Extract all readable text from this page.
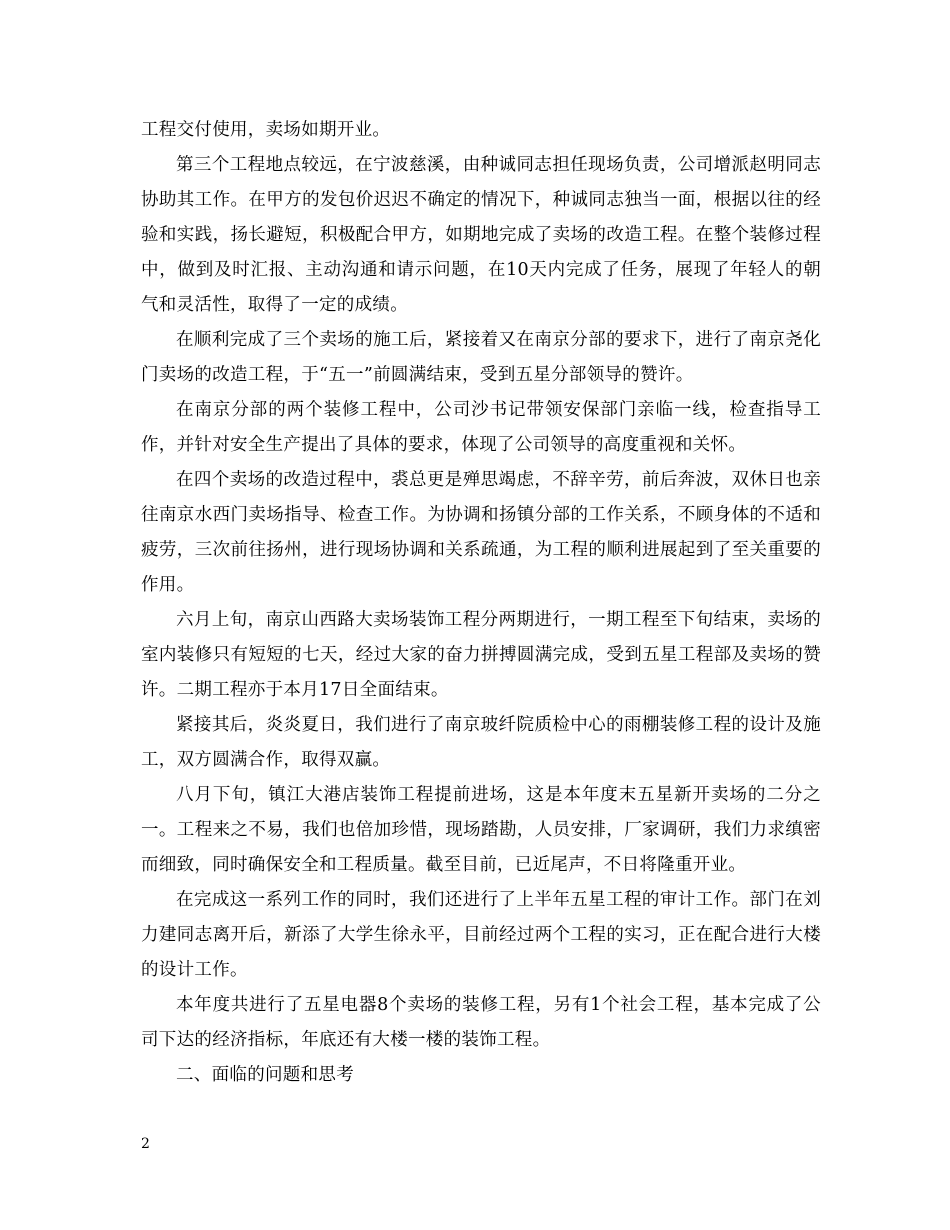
工程交付使用，卖场如期开业。

第三个工程地点较远，在宁波慈溪，由种诚同志担任现场负责，公司增派赵明同志协助其工作。在甲方的发包价迟迟不确定的情况下，种诚同志独当一面，根据以往的经验和实践，扬长避短，积极配合甲方，如期地完成了卖场的改造工程。在整个装修过程中，做到及时汇报、主动沟通和请示问题，在10天内完成了任务，展现了年轻人的朝气和灵活性，取得了一定的成绩。

在顺利完成了三个卖场的施工后，紧接着又在南京分部的要求下，进行了南京尧化门卖场的改造工程，于“五一”前圆满结束，受到五星分部领导的赞许。

在南京分部的两个装修工程中，公司沙书记带领安保部门亲临一线，检查指导工作，并针对安全生产提出了具体的要求，体现了公司领导的高度重视和关怀。

在四个卖场的改造过程中，裘总更是殚思竭虑，不辞辛劳，前后奔波，双休日也亲往南京水西门卖场指导、检查工作。为协调和扬镇分部的工作关系，不顾身体的不适和疲劳，三次前往扬州，进行现场协调和关系疏通，为工程的顺利进展起到了至关重要的作用。

六月上旬，南京山西路大卖场装饰工程分两期进行，一期工程至下旬结束，卖场的室内装修只有短短的七天，经过大家的奋力拼搏圆满完成，受到五星工程部及卖场的赞许。二期工程亦于本月17日全面结束。

紧接其后，炎炎夏日，我们进行了南京玻纤院质检中心的雨棚装修工程的设计及施工，双方圆满合作，取得双赢。

八月下旬，镇江大港店装饰工程提前进场，这是本年度末五星新开卖场的二分之一。工程来之不易，我们也倍加珍惜，现场踏勘，人员安排，厂家调研，我们力求缜密而细致，同时确保安全和工程质量。截至目前，已近尾声，不日将隆重开业。

在完成这一系列工作的同时，我们还进行了上半年五星工程的审计工作。部门在刘力建同志离开后，新添了大学生徐永平，目前经过两个工程的实习，正在配合进行大楼的设计工作。

本年度共进行了五星电器8个卖场的装修工程，另有1个社会工程，基本完成了公司下达的经济指标，年底还有大楼一楼的装饰工程。

二、面临的问题和思考

2
